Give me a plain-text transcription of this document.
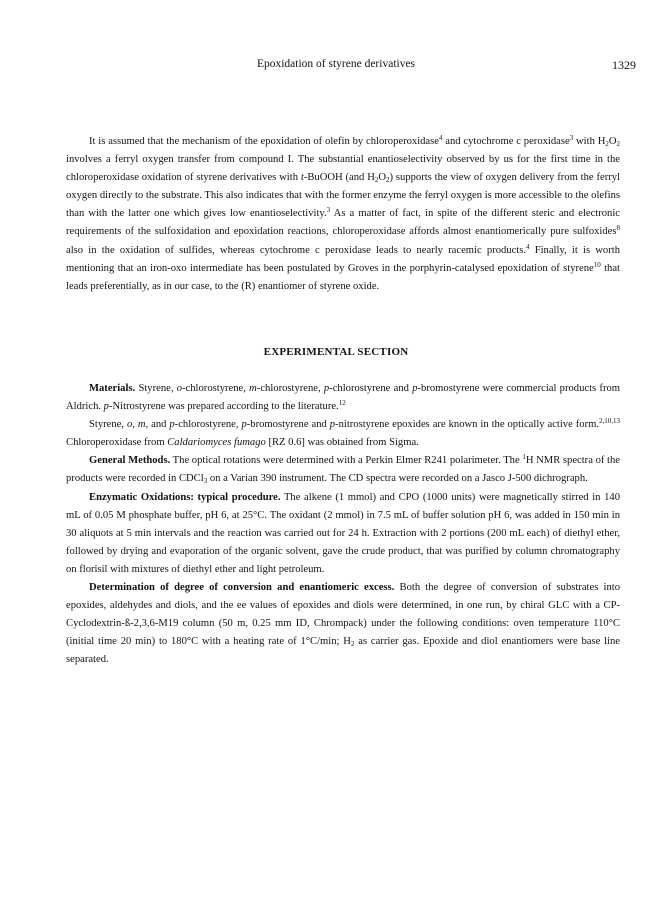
Epoxidation of styrene derivatives	1329

It is assumed that the mechanism of the epoxidation of olefin by chloroperoxidase$^4$ and cytochrome c peroxidase$^3$ with $H_2O_2$ involves a ferryl oxygen transfer from compound I. The substantial enantioselectivity observed by us for the first time in the chloroperoxidase oxidation of styrene derivatives with t-BuOOH (and $H_2O_2$) supports the view of oxygen delivery from the ferryl oxygen directly to the substrate. This also indicates that with the former enzyme the ferryl oxygen is more accessible to the olefins than with the latter one which gives low enantioselectivity.$^3$ As a matter of fact, in spite of the different steric and electronic requirements of the sulfoxidation and epoxidation reactions, chloroperoxidase affords almost enantiomerically pure sulfoxides$^8$ also in the oxidation of sulfides, whereas cytochrome c peroxidase leads to nearly racemic products.$^4$ Finally, it is worth mentioning that an iron-oxo intermediate has been postulated by Groves in the porphyrin-catalysed epoxidation of styrene$^{10}$ that leads preferentially, as in our case, to the (R) enantiomer of styrene oxide.

EXPERIMENTAL SECTION

Materials. Styrene, o-chlorostyrene, m-chlorostyrene, p-chlorostyrene and p-bromostyrene were commercial products from Aldrich. p-Nitrostyrene was prepared according to the literature.$^{12}$

Styrene, o, m, and p-chlorostyrene, p-bromostyrene and p-nitrostyrene epoxides are known in the optically active form.$^{2,10,13}$ Chloroperoxidase from Caldariomyces fumago [RZ 0.6] was obtained from Sigma.

General Methods. The optical rotations were determined with a Perkin Elmer R241 polarimeter. The $^1$H NMR spectra of the products were recorded in CDCl$_3$ on a Varian 390 instrument. The CD spectra were recorded on a Jasco J-500 dichrograph.

Enzymatic Oxidations: typical procedure. The alkene (1 mmol) and CPO (1000 units) were magnetically stirred in 140 mL of 0.05 M phosphate buffer, pH 6, at 25°C. The oxidant (2 mmol) in 7.5 mL of buffer solution pH 6, was added in 150 min in 30 aliquots at 5 min intervals and the reaction was carried out for 24 h. Extraction with 2 portions (200 mL each) of diethyl ether, followed by drying and evaporation of the organic solvent, gave the crude product, that was purified by column chromatography on florisil with mixtures of diethyl ether and light petroleum.

Determination of degree of conversion and enantiomeric excess. Both the degree of conversion of substrates into epoxides, aldehydes and diols, and the ee values of epoxides and diols were determined, in one run, by chiral GLC with a CP-Cyclodextrin-ß-2,3,6-M19 column (50 m, 0.25 mm ID, Chrompack) under the following conditions: oven temperature 110°C (initial time 20 min) to 180°C with a heating rate of 1°C/min; $H_2$ as carrier gas. Epoxide and diol enantiomers were base line separated.
